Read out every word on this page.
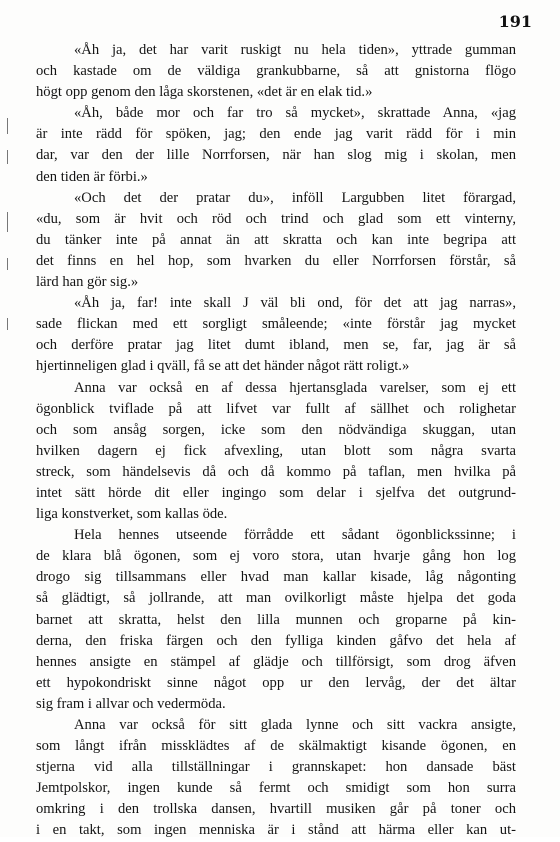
191
«Åh ja, det har varit ruskigt nu hela tiden», yttrade gumman
och kastade om de väldiga grankubbarne, så att gnistorna flögo
högt opp genom den låga skorstenen, «det är en elak tid.»
«Åh, både mor och far tro så mycket», skrattade Anna, «jag
är inte rädd för spöken, jag; den ende jag varit rädd för i min
dar, var den der lille Norrforsen, när han slog mig i skolan, men
den tiden är förbi.»
«Och det der pratar du», inföll Largubben litet förargad,
«du, som är hvit och röd och trind och glad som ett vinterny,
du tänker inte på annat än att skratta och kan inte begripa att
det finns en hel hop, som hvarken du eller Norrforsen förstår, så
lärd han gör sig.»
«Åh ja, far! inte skall J väl bli ond, för det att jag narras»,
sade flickan med ett sorgligt småleende; «inte förstår jag mycket
och derföre pratar jag litet dumt ibland, men se, far, jag är så
hjertinneligen glad i qväll, få se att det händer något rätt roligt.»
Anna var också en af dessa hjertansglada varelser, som ej ett
ögonblick tviflade på att lifvet var fullt af sällhet och rolighetar
och som ansåg sorgen, icke som den nödvändiga skuggan, utan
hvilken dagern ej fick afvexling, utan blott som några svarta
streck, som händelsevis då och då kommo på taflan, men hvilka på
intet sätt hörde dit eller ingingo som delar i sjelfva det outgrund-
liga konstverket, som kallas öde.
Hela hennes utseende förrådde ett sådant ögonblickssinne; i
de klara blå ögonen, som ej voro stora, utan hvarje gång hon log
drogo sig tillsammans eller hvad man kallar kisade, låg någonting
så glädtigt, så jollrande, att man ovilkorligt måste hjelpa det goda
barnet att skratta, helst den lilla munnen och groparne på kin-
derna, den friska färgen och den fylliga kinden gåfvo det hela af
hennes ansigte en stämpel af glädje och tillförsigt, som drog äfven
ett hypokondriskt sinne något opp ur den lervåg, der det ältar
sig fram i allvar och vedermöda.
Anna var också för sitt glada lynne och sitt vackra ansigte,
som långt ifrån missklädtes af de skälmaktigt kisande ögonen, en
stjerna vid alla tillställningar i grannskapet: hon dansade bäst
Jemtpolskor, ingen kunde så fermt och smidigt som hon surra
omkring i den trollska dansen, hvartill musiken går på toner och
i en takt, som ingen menniska är i stånd att härma eller kan ut-
